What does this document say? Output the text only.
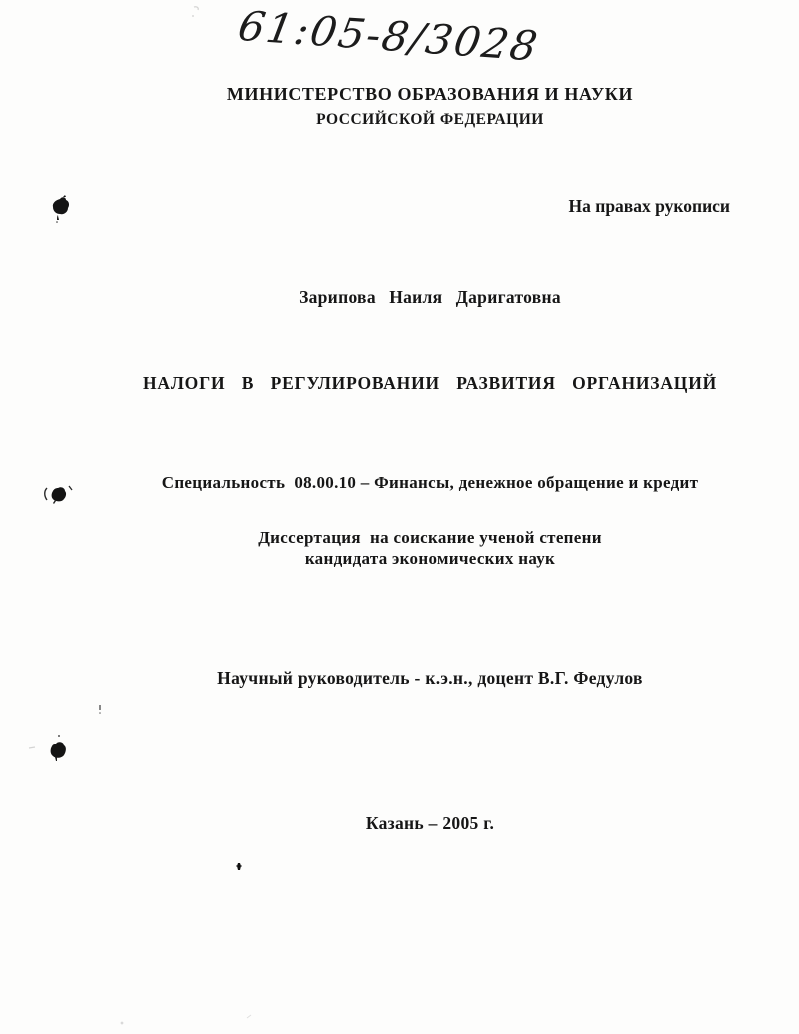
61:05-8/3028
МИНИСТЕРСТВО ОБРАЗОВАНИЯ И НАУКИ
РОССИЙСКОЙ ФЕДЕРАЦИИ
Зарипова  Наиля  Даригатовна
НАЛОГИ  В  РЕГУЛИРОВАНИИ  РАЗВИТИЯ  ОРГАНИЗАЦИЙ
Специальность  08.00.10 – Финансы, денежное обращение и кредит
Диссертация  на соискание ученой степени
кандидата экономических наук
Научный руководитель - к.э.н., доцент В.Г. Федулов
Казань – 2005 г.
На правах рукописи
